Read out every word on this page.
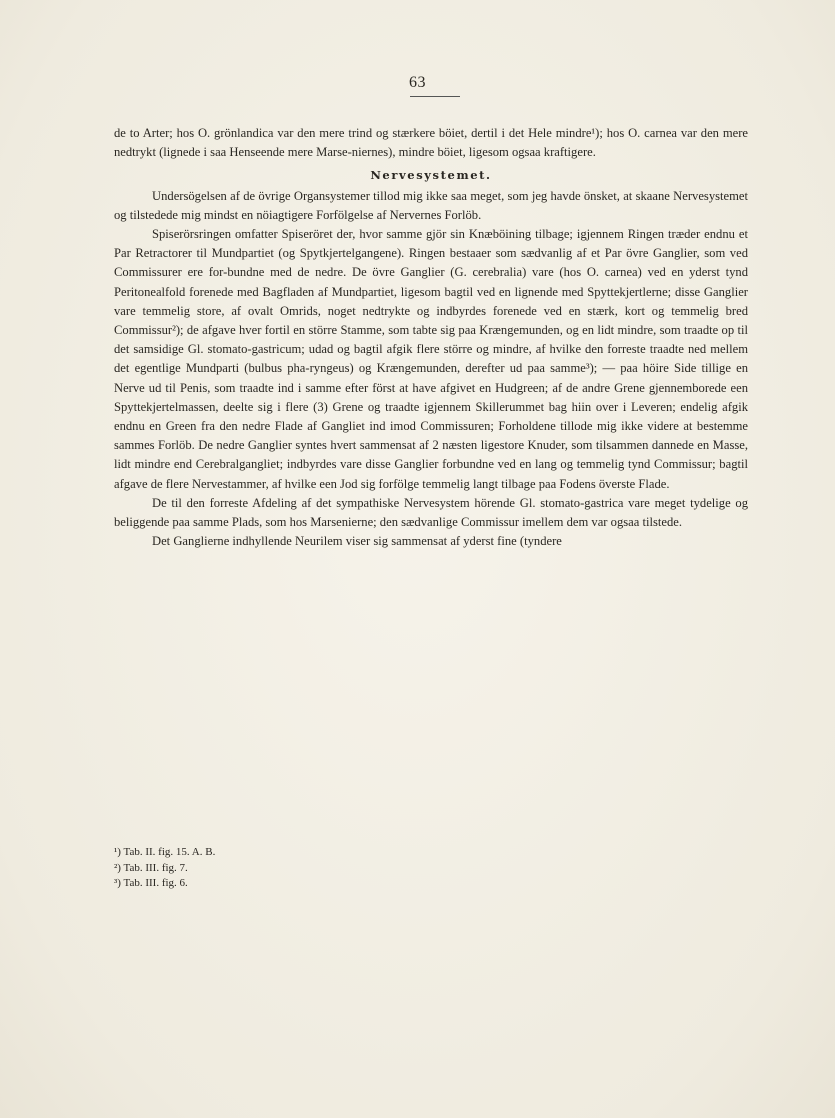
63

de to Arter; hos O. grönlandica var den mere trind og stærkere böiet, dertil i det Hele mindre¹); hos O. carnea var den mere nedtrykt (lignede i saa Henseende mere Marse-niernes), mindre böiet, ligesom ogsaa kraftigere.

Nervesystemet.

Undersögelsen af de övrige Organsystemer tillod mig ikke saa meget, som jeg havde önsket, at skaane Nervesystemet og tilstedede mig mindst en nöiagtigere Forfölgelse af Nervernes Forlöb.

Spiserörsringen omfatter Spiseröret der, hvor samme gjör sin Knæböining tilbage; igjennem Ringen træder endnu et Par Retractorer til Mundpartiet (og Spytkjertelgangene). Ringen bestaaer som sædvanlig af et Par övre Ganglier, som ved Commissurer ere for-bundne med de nedre. De övre Ganglier (G. cerebralia) vare (hos O. carnea) ved en yderst tynd Peritonealfold forenede med Bagfladen af Mundpartiet, ligesom bagtil ved en lignende med Spyttekjertlerne; disse Ganglier vare temmelig store, af ovalt Omrids, noget nedtrykte og indbyrdes forenede ved en stærk, kort og temmelig bred Commissur²); de afgave hver fortil en större Stamme, som tabte sig paa Krængemunden, og en lidt mindre, som traadte op til det samsidige Gl. stomato-gastricum; udad og bagtil afgik flere större og mindre, af hvilke den forreste traadte ned mellem det egentlige Mundparti (bulbus pha-ryngeus) og Krængemunden, derefter ud paa samme³); — paa höire Side tillige en Nerve ud til Penis, som traadte ind i samme efter först at have afgivet en Hudgreen; af de andre Grene gjennemborede een Spyttekjertelmassen, deelte sig i flere (3) Grene og traadte igjennem Skillerummet bag hiin over i Leveren; endelig afgik endnu en Green fra den nedre Flade af Gangliet ind imod Commissuren; Forholdene tillode mig ikke videre at bestemme sammes Forlöb. De nedre Ganglier syntes hvert sammensat af 2 næsten ligestore Knuder, som tilsammen dannede en Masse, lidt mindre end Cerebralgangliet; indbyrdes vare disse Ganglier forbundne ved en lang og temmelig tynd Commissur; bagtil afgave de flere Nervestammer, af hvilke een Jod sig forfölge temmelig langt tilbage paa Fodens överste Flade.

De til den forreste Afdeling af det sympathiske Nervesystem hörende Gl. stomato-gastrica vare meget tydelige og beliggende paa samme Plads, som hos Marsenierne; den sædvanlige Commissur imellem dem var ogsaa tilstede.

Det Ganglierne indhyllende Neurilem viser sig sammensat af yderst fine (tyndere

¹) Tab. II. fig. 15. A. B.
²) Tab. III. fig. 7.
³) Tab. III. fig. 6.
